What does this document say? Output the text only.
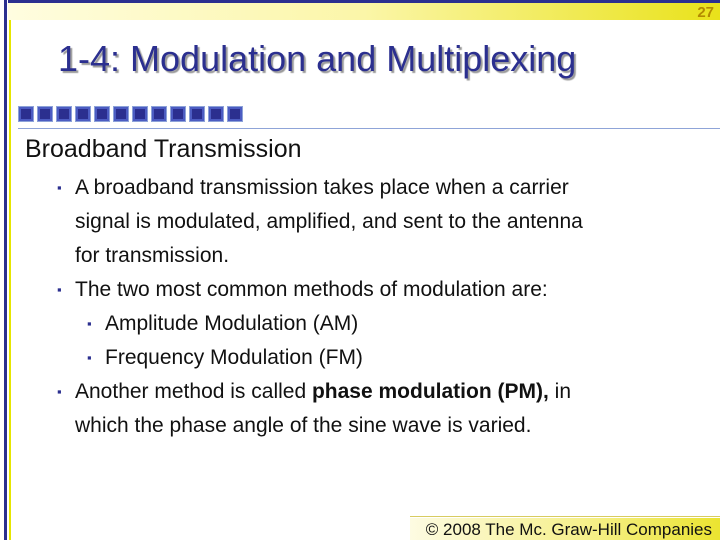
27
1-4: Modulation and Multiplexing

Broadband Transmission

▪ A broadband transmission takes place when a carrier
signal is modulated, amplified, and sent to the antenna
for transmission.
▪ The two most common methods of modulation are:
▪ Amplitude Modulation (AM)
▪ Frequency Modulation (FM)
▪ Another method is called phase modulation (PM), in
which the phase angle of the sine wave is varied.
© 2008 The Mc. Graw-Hill Companies
